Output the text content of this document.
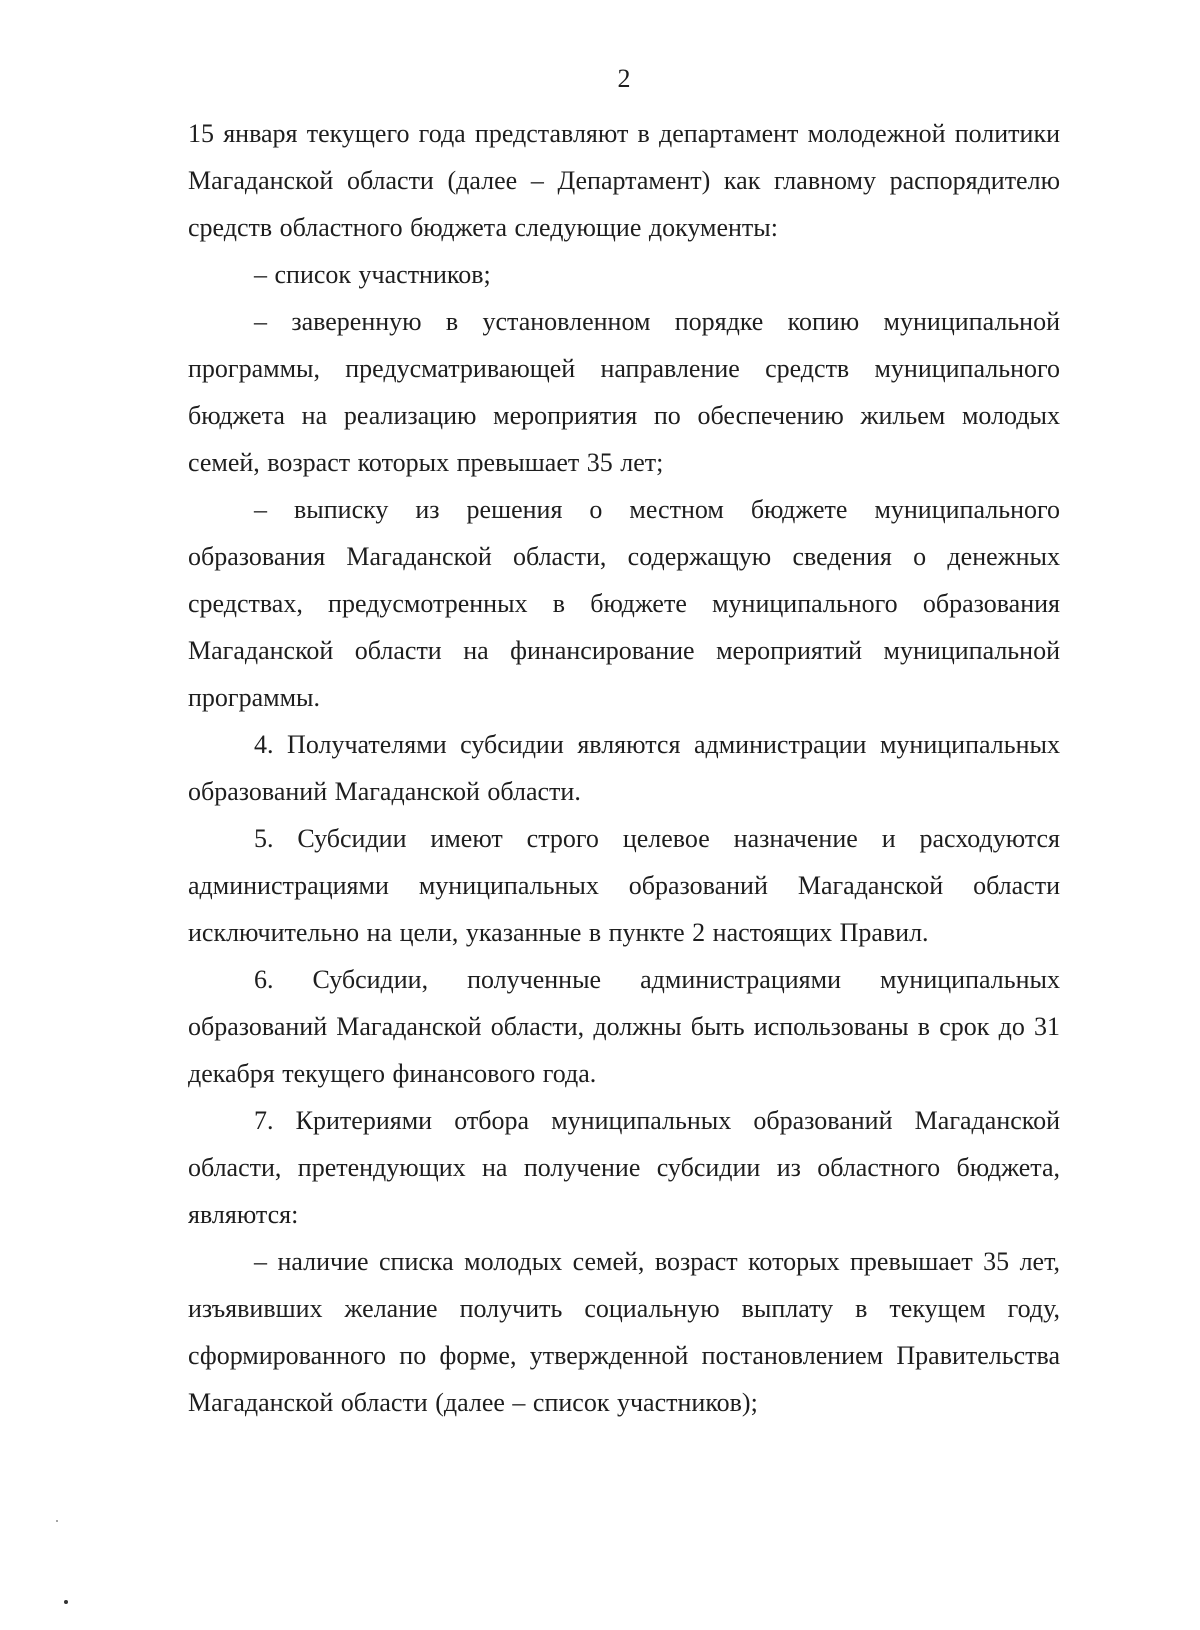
2

15 января текущего года представляют в департамент молодежной политики Магаданской области (далее – Департамент) как главному распорядителю средств областного бюджета следующие документы:

– список участников;

– заверенную в установленном порядке копию муниципальной программы, предусматривающей направление средств муниципального бюджета на реализацию мероприятия по обеспечению жильем молодых семей, возраст которых превышает 35 лет;

– выписку из решения о местном бюджете муниципального образования Магаданской области, содержащую сведения о денежных средствах, предусмотренных в бюджете муниципального образования Магаданской области на финансирование мероприятий муниципальной программы.

4. Получателями субсидии являются администрации муниципальных образований Магаданской области.

5. Субсидии имеют строго целевое назначение и расходуются администрациями муниципальных образований Магаданской области исключительно на цели, указанные в пункте 2 настоящих Правил.

6. Субсидии, полученные администрациями муниципальных образований Магаданской области, должны быть использованы в срок до 31 декабря текущего финансового года.

7. Критериями отбора муниципальных образований Магаданской области, претендующих на получение субсидии из областного бюджета, являются:

– наличие списка молодых семей, возраст которых превышает 35 лет, изъявивших желание получить социальную выплату в текущем году, сформированного по форме, утвержденной постановлением Правительства Магаданской области (далее – список участников);
